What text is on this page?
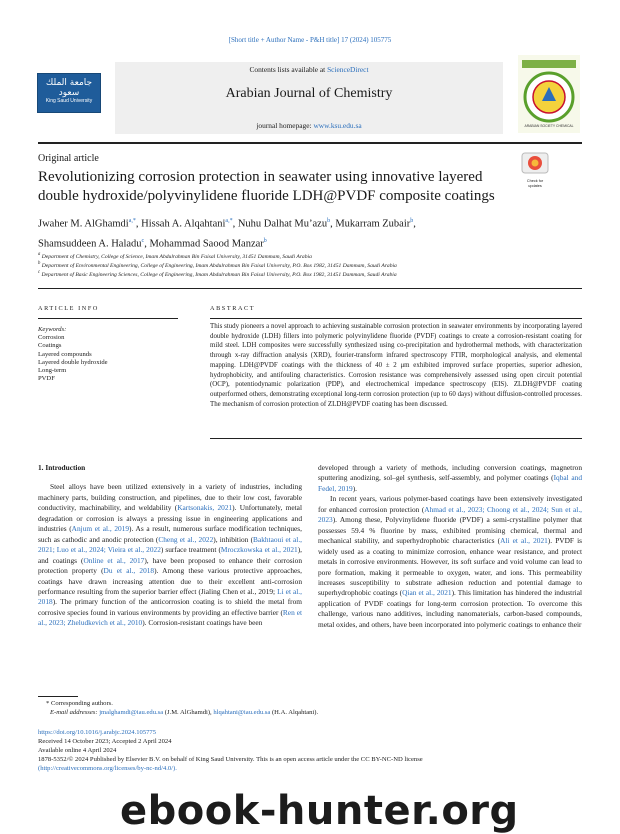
[Short title + Author Name - P&H title] 17 (2024) 105775
جامعة الملك سعود
King Saud University
Contents lists available at ScienceDirect
Arabian Journal of Chemistry
journal homepage: www.ksu.edu.sa	ARABIAN SOCIETY CHEMICAL
Original article
Check for updates
Revolutionizing corrosion protection in seawater using innovative layered double hydroxide/polyvinylidene fluoride LDH@PVDF composite coatings
Jwaher M. AlGhamdi$^{a,*}$, Hissah A. Alqahtani$^{a,*}$, Nuhu Dalhat Mu’azu$^b$, Mukarram Zubair$^b$,
Shamsuddeen A. Haladu$^c$, Mohammad Saood Manzar$^b$
$^a$ Department of Chemistry, College of Science, Imam Abdulrahman Bin Faisal University, 31451 Dammam, Saudi Arabia
$^b$ Department of Environmental Engineering, College of Engineering, Imam Abdulrahman Bin Faisal University, P.O. Box 1982, 31451 Dammam, Saudi Arabia
$^c$ Department of Basic Engineering Sciences, College of Engineering, Imam Abdulrahman Bin Faisal University, P.O. Box 1982, 31451 Dammam, Saudi Arabia
ARTICLE INFO
Keywords:
Corrosion
Coatings
Layered compounds
Layered double hydroxide
Long-term
PVDF
ABSTRACT
This study pioneers a novel approach to achieving sustainable corrosion protection in seawater environments by incorporating layered double hydroxide (LDH) fillers into polymeric polyvinylidene fluoride (PVDF) coatings to create a corrosion-resistant coating for mild steel. LDH composites were successfully synthesized using co-precipitation and hydrothermal methods, with characterization through x-ray diffraction analysis (XRD), fourier-transform infrared spectroscopy FTIR, morphological analysis, and elemental mapping. LDH@PVDF coatings with the thickness of 40 ± 2 μm exhibited improved surface properties, superior adhesion, hydrophobicity, and antifouling characteristics. Corrosion resistance was comprehensively assessed using open circuit potential (OCP), potentiodynamic polarization (PDP), and electrochemical impedance spectroscopy (EIS). ZLDH@PVDF coating outperformed others, demonstrating exceptional long-term corrosion protection (up to 60 days) without diffusion-controlled processes. The mechanism of corrosion protection of ZLDH@PVDF coating has been discussed.
1. Introduction

Steel alloys have been utilized extensively in a variety of industries, including machinery parts, building construction, and pipelines, due to their low cost, favorable conductivity, machinability, and weldability (Kartsonakis, 2021). Unfortunately, metal degradation or corrosion is always a pressing issue in engineering applications and industries (Anjum et al., 2019). As a result, numerous surface modification techniques, such as cathodic and anodic protection (Cheng et al., 2022), inhibition (Bakhtaoui et al., 2021; Luo et al., 2024; Vieira et al., 2022) surface treatment (Mroczkowska et al., 2021), and coatings (Online et al., 2017), have been proposed to enhance their corrosion protection property (Du et al., 2018). Among these various protective approaches, coatings have drawn increasing attention due to their excellent anti-corrosion performance resulting from the superior barrier effect (Jialing Chen et al., 2019; Li et al., 2018). The primary function of the anticorrosion coating is to shield the metal from corrosive species found in various environments by providing an effective barrier (Ren et al., 2023; Zheludkevich et al., 2010). Corrosion-resistant coatings have been

developed through a variety of methods, including conversion coatings, magnetron sputtering anodizing, sol–gel synthesis, self-assembly, and polymer coatings (Iqbal and Fedel, 2019).

In recent years, various polymer-based coatings have been extensively investigated for enhanced corrosion protection (Ahmad et al., 2023; Choong et al., 2024; Sun et al., 2023). Among these, Polyvinylidene fluoride (PVDF) a semi-crystalline polymer that possesses 59.4 % fluorine by mass, exhibited promising chemical, thermal and mechanical stability, and superhydrophobic characteristics (Ali et al., 2021). PVDF is widely used as a coating to minimize corrosion, enhance wear resistance, and protect metals in corrosive environments. However, its soft surface and void volume can lead to pore formation, making it permeable to oxygen, water, and ions. This permeability increases susceptibility to substrate adhesion reduction and potential damage to superhydrophobic coatings (Qian et al., 2021). This limitation has hindered the industrial application of PVDF coatings for long-term corrosion protection. To overcome this challenge, various nano additives, including nanomaterials, carbon-based compounds, metal oxides, and others, have been incorporated into polymeric coatings to enhance their

* Corresponding authors.
E-mail addresses: jmalghamdi@iau.edu.sa (J.M. AlGhamdi), hlqahtani@iau.edu.sa (H.A. Alqahtani).
https://doi.org/10.1016/j.arabjc.2024.105775
Received 14 October 2023; Accepted 2 April 2024
Available online 4 April 2024
1878-5352/© 2024 Published by Elsevier B.V. on behalf of King Saud University. This is an open access article under the CC BY-NC-ND license
(http://creativecommons.org/licenses/by-nc-nd/4.0/).
ebook-hunter.org
